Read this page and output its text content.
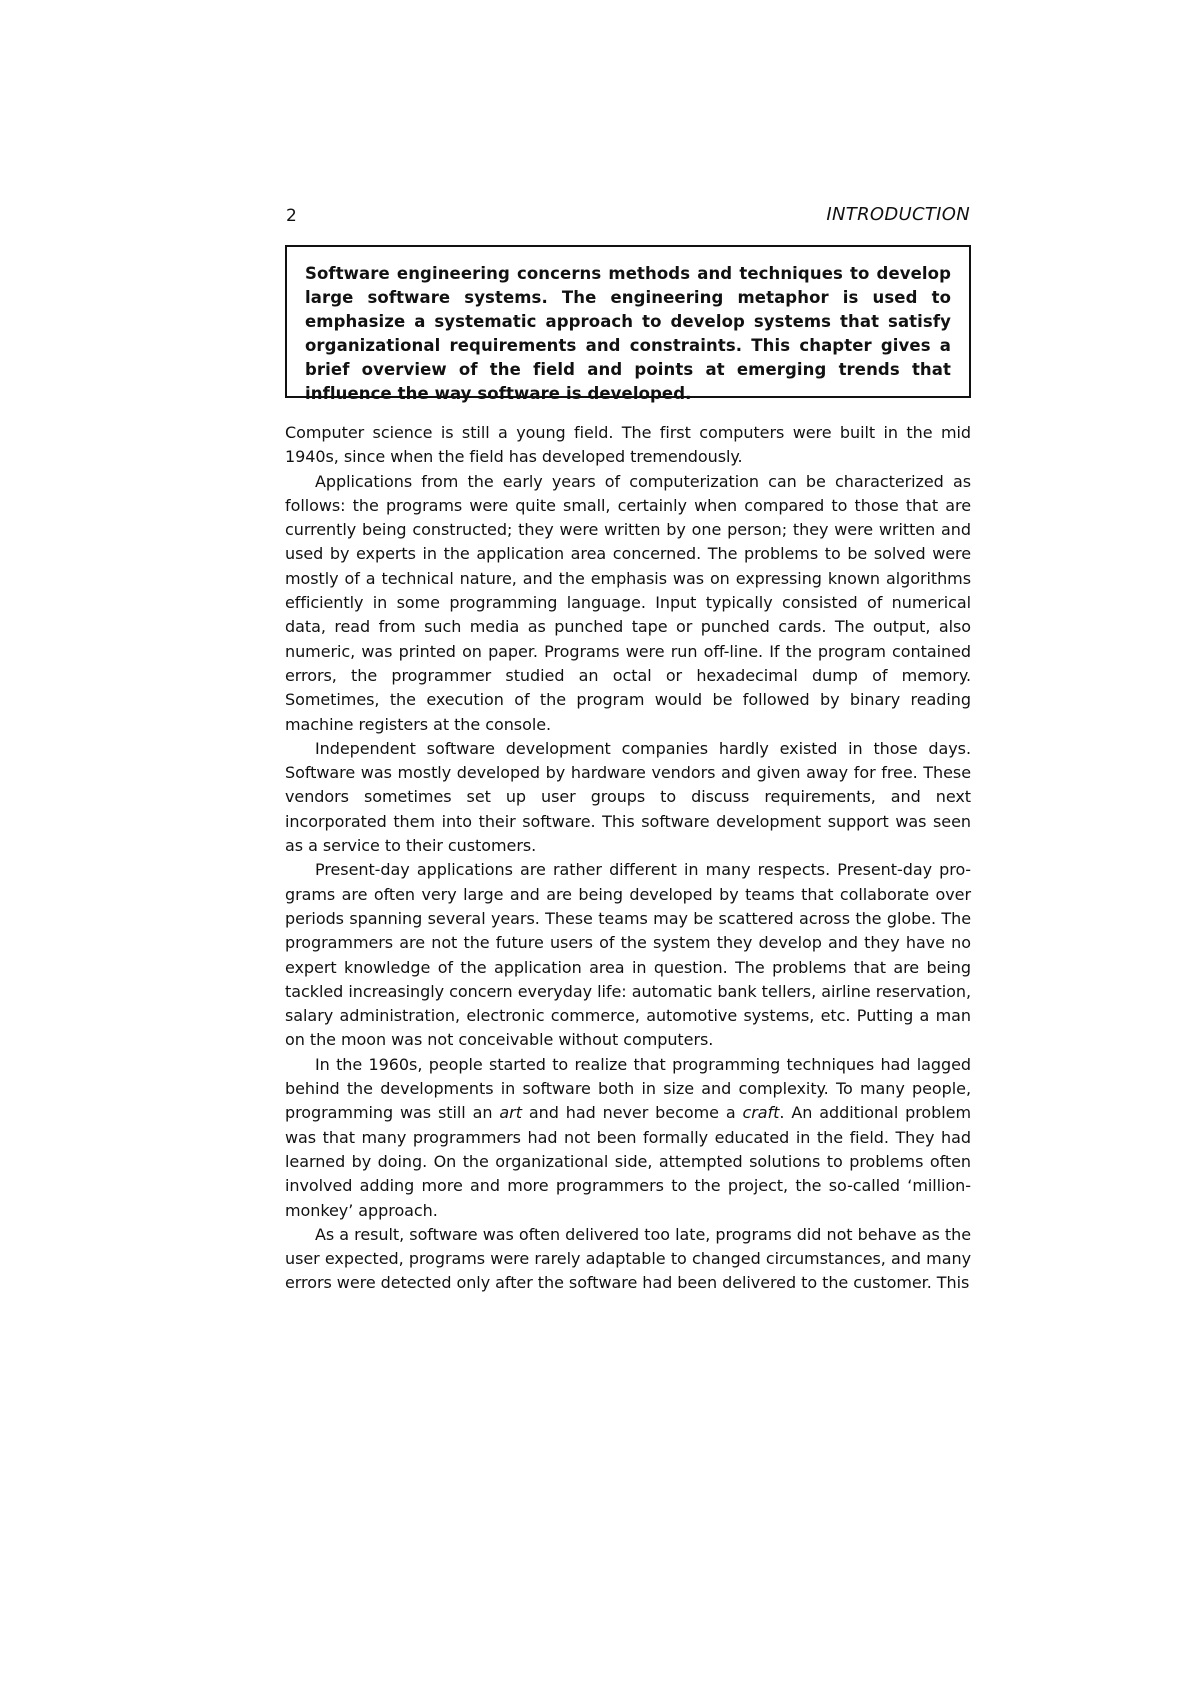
2	INTRODUCTION

Software engineering concerns methods and techniques to develop large software systems. The engineering metaphor is used to emphasize a systematic approach to develop systems that satisfy organizational requirements and constraints. This chapter gives a brief overview of the field and points at emerging trends that influence the way software is developed.

Computer science is still a young field. The first computers were built in the mid 1940s, since when the field has developed tremendously.

Applications from the early years of computerization can be characterized as follows: the programs were quite small, certainly when compared to those that are currently being constructed; they were written by one person; they were written and used by experts in the application area concerned. The problems to be solved were mostly of a technical nature, and the emphasis was on expressing known algorithms efficiently in some programming language. Input typically consisted of numerical data, read from such media as punched tape or punched cards. The output, also numeric, was printed on paper. Programs were run off-line. If the program contained errors, the programmer studied an octal or hexadecimal dump of memory. Sometimes, the execution of the program would be followed by binary reading machine registers at the console.

Independent software development companies hardly existed in those days. Software was mostly developed by hardware vendors and given away for free. These vendors sometimes set up user groups to discuss requirements, and next incorporated them into their software. This software development support was seen as a service to their customers.

Present-day applications are rather different in many respects. Present-day programs are often very large and are being developed by teams that collaborate over periods spanning several years. These teams may be scattered across the globe. The programmers are not the future users of the system they develop and they have no expert knowledge of the application area in question. The problems that are being tackled increasingly concern everyday life: automatic bank tellers, airline reservation, salary administration, electronic commerce, automotive systems, etc. Putting a man on the moon was not conceivable without computers.

In the 1960s, people started to realize that programming techniques had lagged behind the developments in software both in size and complexity. To many people, programming was still an art and had never become a craft. An additional problem was that many programmers had not been formally educated in the field. They had learned by doing. On the organizational side, attempted solutions to problems often involved adding more and more programmers to the project, the so-called ‘million-monkey’ approach.

As a result, software was often delivered too late, programs did not behave as the user expected, programs were rarely adaptable to changed circumstances, and many errors were detected only after the software had been delivered to the customer. This
